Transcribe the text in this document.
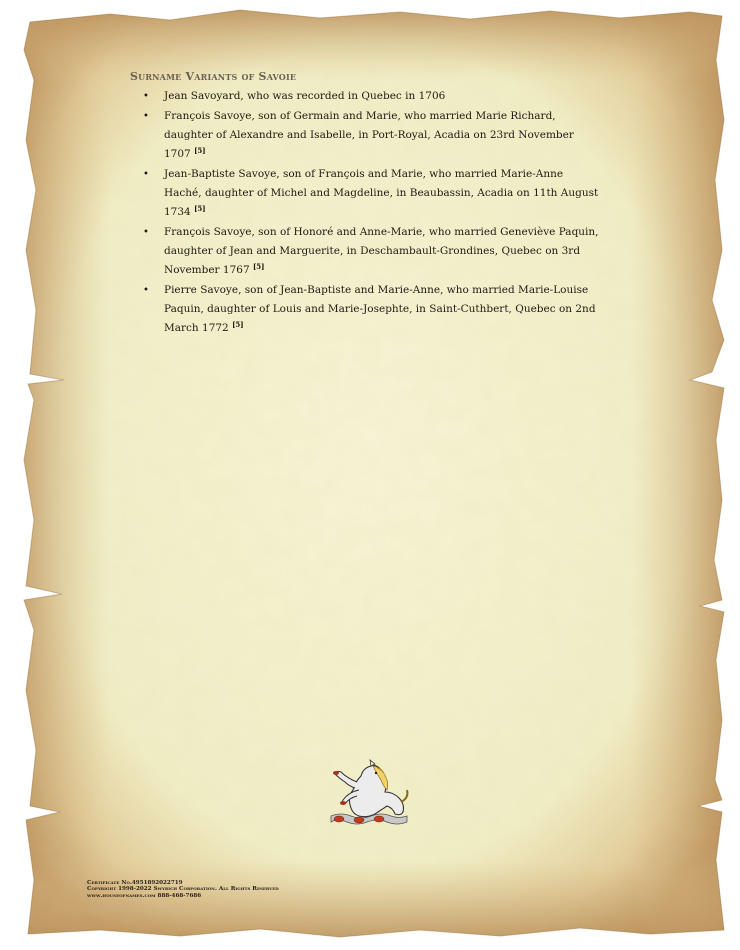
Surname Variants of Savoie
• Jean Savoyard, who was recorded in Quebec in 1706
• François Savoye, son of Germain and Marie, who married Marie Richard, daughter of Alexandre and Isabelle, in Port-Royal, Acadia on 23rd November 1707 [5]
• Jean-Baptiste Savoye, son of François and Marie, who married Marie-Anne Haché, daughter of Michel and Magdeline, in Beaubassin, Acadia on 11th August 1734 [5]
• François Savoye, son of Honoré and Anne-Marie, who married Geneviève Paquin, daughter of Jean and Marguerite, in Deschambault-Grondines, Quebec on 3rd November 1767 [5]
• Pierre Savoye, son of Jean-Baptiste and Marie-Anne, who married Marie-Louise Paquin, daughter of Louis and Marie-Josephte, in Saint-Cuthbert, Quebec on 2nd March 1772 [5]
Certificate No.4951892022719
Copyright 1998-2022 Swyrich Corporation. All Rights Reserved
www.houseofnames.com 888-468-7686
